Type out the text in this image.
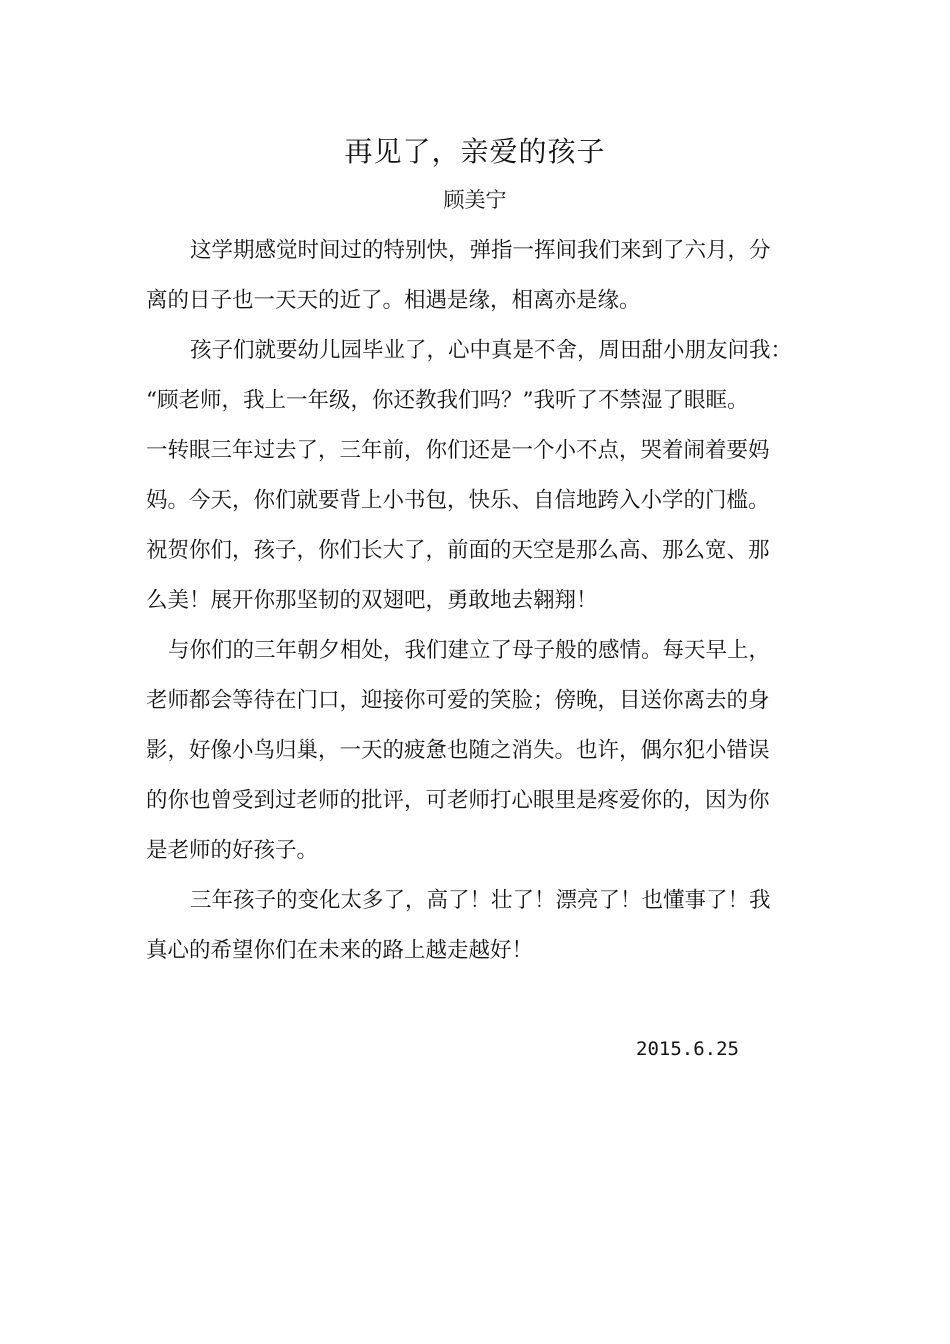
再见了，亲爱的孩子
顾美宁
这学期感觉时间过的特别快，弹指一挥间我们来到了六月，分
离的日子也一天天的近了。相遇是缘，相离亦是缘。
孩子们就要幼儿园毕业了，心中真是不舍，周田甜小朋友问我：
“顾老师，我上一年级，你还教我们吗？”我听了不禁湿了眼眶。
一转眼三年过去了，三年前，你们还是一个小不点，哭着闹着要妈
妈。今天，你们就要背上小书包，快乐、自信地跨入小学的门槛。
祝贺你们，孩子，你们长大了，前面的天空是那么高、那么宽、那
么美！展开你那坚韧的双翅吧，勇敢地去翱翔！
与你们的三年朝夕相处，我们建立了母子般的感情。每天早上，
老师都会等待在门口，迎接你可爱的笑脸；傍晚，目送你离去的身
影，好像小鸟归巢，一天的疲惫也随之消失。也许，偶尔犯小错误
的你也曾受到过老师的批评，可老师打心眼里是疼爱你的，因为你
是老师的好孩子。
三年孩子的变化太多了，高了！壮了！漂亮了！也懂事了！我
真心的希望你们在未来的路上越走越好！
2015.6.25
